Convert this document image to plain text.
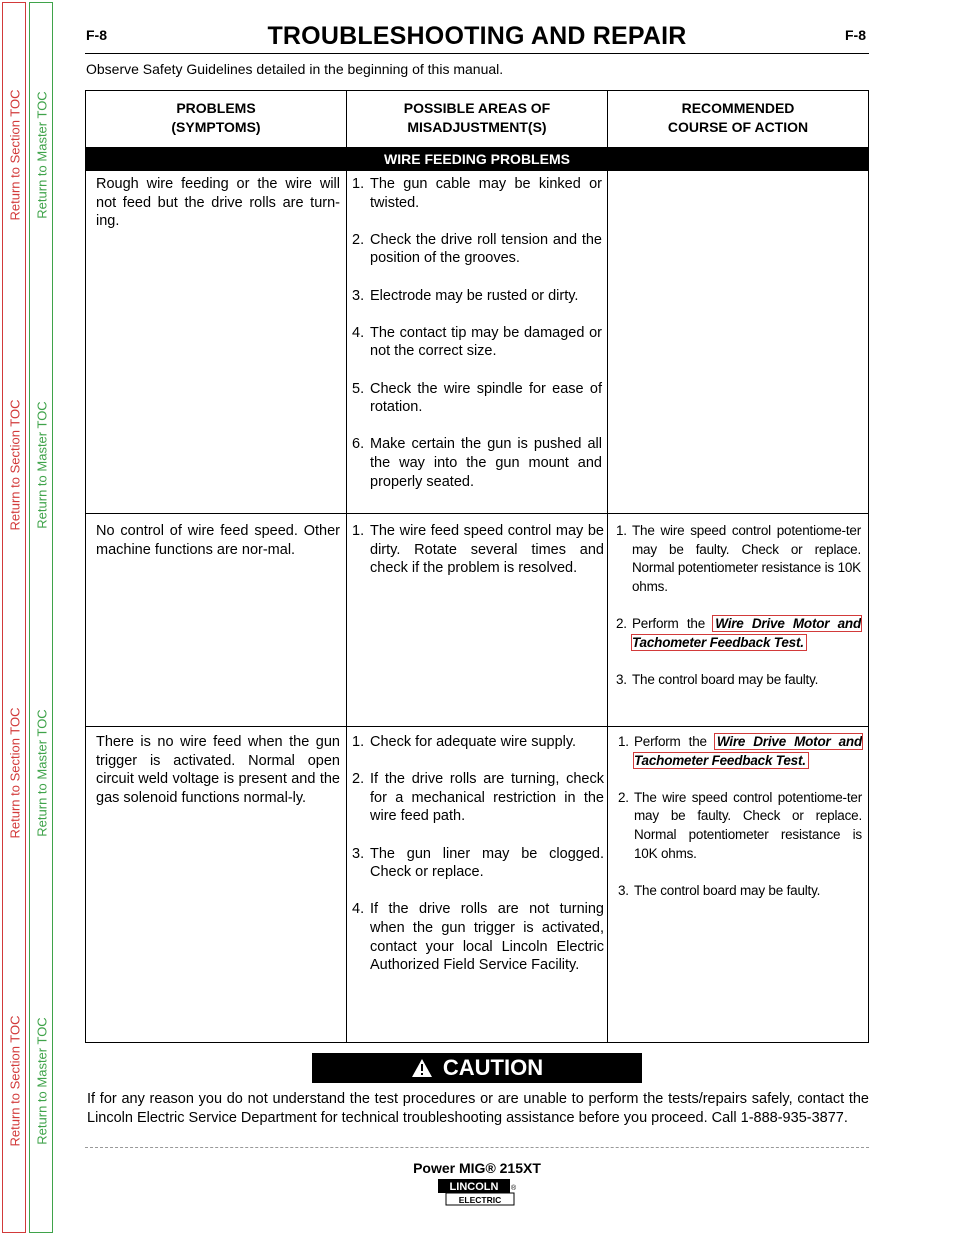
Return to Section TOC
Return to Section TOC
Return to Section TOC
Return to Section TOC
Return to Master TOC
Return to Master TOC
Return to Master TOC
Return to Master TOC
F-8	F-8
TROUBLESHOOTING AND REPAIR
Observe Safety Guidelines detailed in the beginning of this manual.
PROBLEMS
(SYMPTOMS)
POSSIBLE AREAS OF
MISADJUSTMENT(S)
RECOMMENDED
COURSE OF ACTION
WIRE FEEDING PROBLEMS
Rough wire feeding or the wire will not feed but the drive rolls are turn-ing.
1. The gun cable may be kinked or twisted.
2. Check the drive roll tension and the position of the grooves.
3. Electrode may be rusted or dirty.
4. The contact tip may be damaged or not the correct size.
5. Check the wire spindle for ease of rotation.
6. Make certain the gun is pushed all the way into the gun mount and properly seated.
No control of wire feed speed. Other machine functions are nor-mal.
1. The wire feed speed control may be dirty. Rotate several times and check if the problem is resolved.
1. The wire speed control potentiome-ter may be faulty. Check or replace. Normal potentiometer resistance is 10K ohms.
2. Perform the Wire Drive Motor and Tachometer Feedback Test.
3. The control board may be faulty.
There is no wire feed when the gun trigger is activated. Normal open circuit weld voltage is present and the gas solenoid functions normal-ly.
1. Check for adequate wire supply.
2. If the drive rolls are turning, check for a mechanical restriction in the wire feed path.
3. The gun liner may be clogged. Check or replace.
4. If the drive rolls are not turning when the gun trigger is activated, contact your local Lincoln Electric Authorized Field Service Facility.
1. Perform the Wire Drive Motor and Tachometer Feedback Test.
2. The wire speed control potentiome-ter may be faulty. Check or replace. Normal potentiometer resistance is 10K ohms.
3. The control board may be faulty.
CAUTION
If for any reason you do not understand the test procedures or are unable to perform the tests/repairs safely, contact the Lincoln Electric Service Department for technical troubleshooting assistance before you proceed. Call 1-888-935-3877.
Power MIG® 215XT
LINCOLN
ELECTRIC
®
